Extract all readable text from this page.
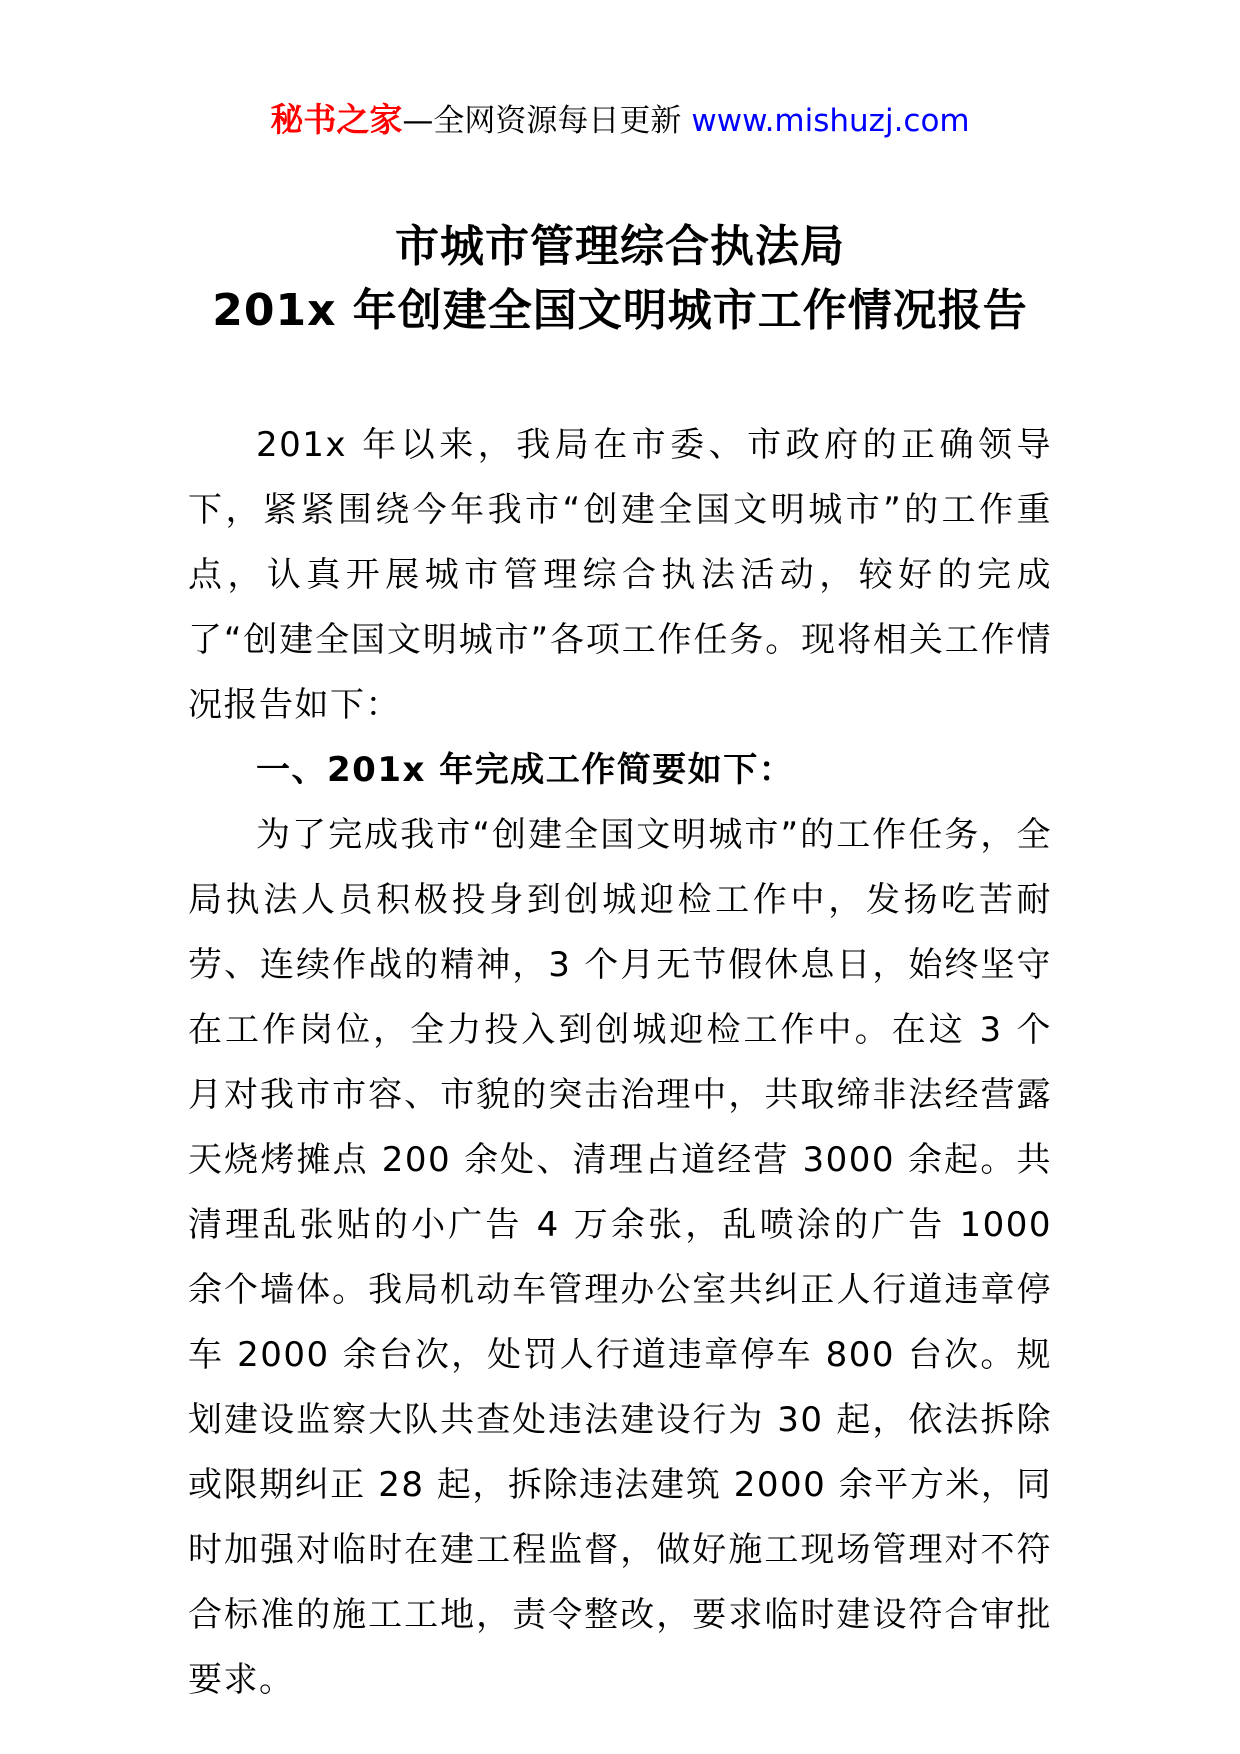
秘书之家—全网资源每日更新 www.mishuzj.com
市城市管理综合执法局
201x 年创建全国文明城市工作情况报告

201x 年以来，我局在市委、市政府的正确领导下，紧紧围绕今年我市“创建全国文明城市”的工作重点，认真开展城市管理综合执法活动，较好的完成了“创建全国文明城市”各项工作任务。现将相关工作情况报告如下：

一、201x 年完成工作简要如下：

为了完成我市“创建全国文明城市”的工作任务，全局执法人员积极投身到创城迎检工作中，发扬吃苦耐劳、连续作战的精神，3 个月无节假休息日，始终坚守在工作岗位，全力投入到创城迎检工作中。在这 3 个月对我市市容、市貌的突击治理中，共取缔非法经营露天烧烤摊点 200 余处、清理占道经营 3000 余起。共清理乱张贴的小广告 4 万余张，乱喷涂的广告 1000 余个墙体。我局机动车管理办公室共纠正人行道违章停车 2000 余台次，处罚人行道违章停车 800 台次。规划建设监察大队共查处违法建设行为 30 起，依法拆除或限期纠正 28 起，拆除违法建筑 2000 余平方米，同时加强对临时在建工程监督，做好施工现场管理对不符合标准的施工工地，责令整改，要求临时建设符合审批要求。
